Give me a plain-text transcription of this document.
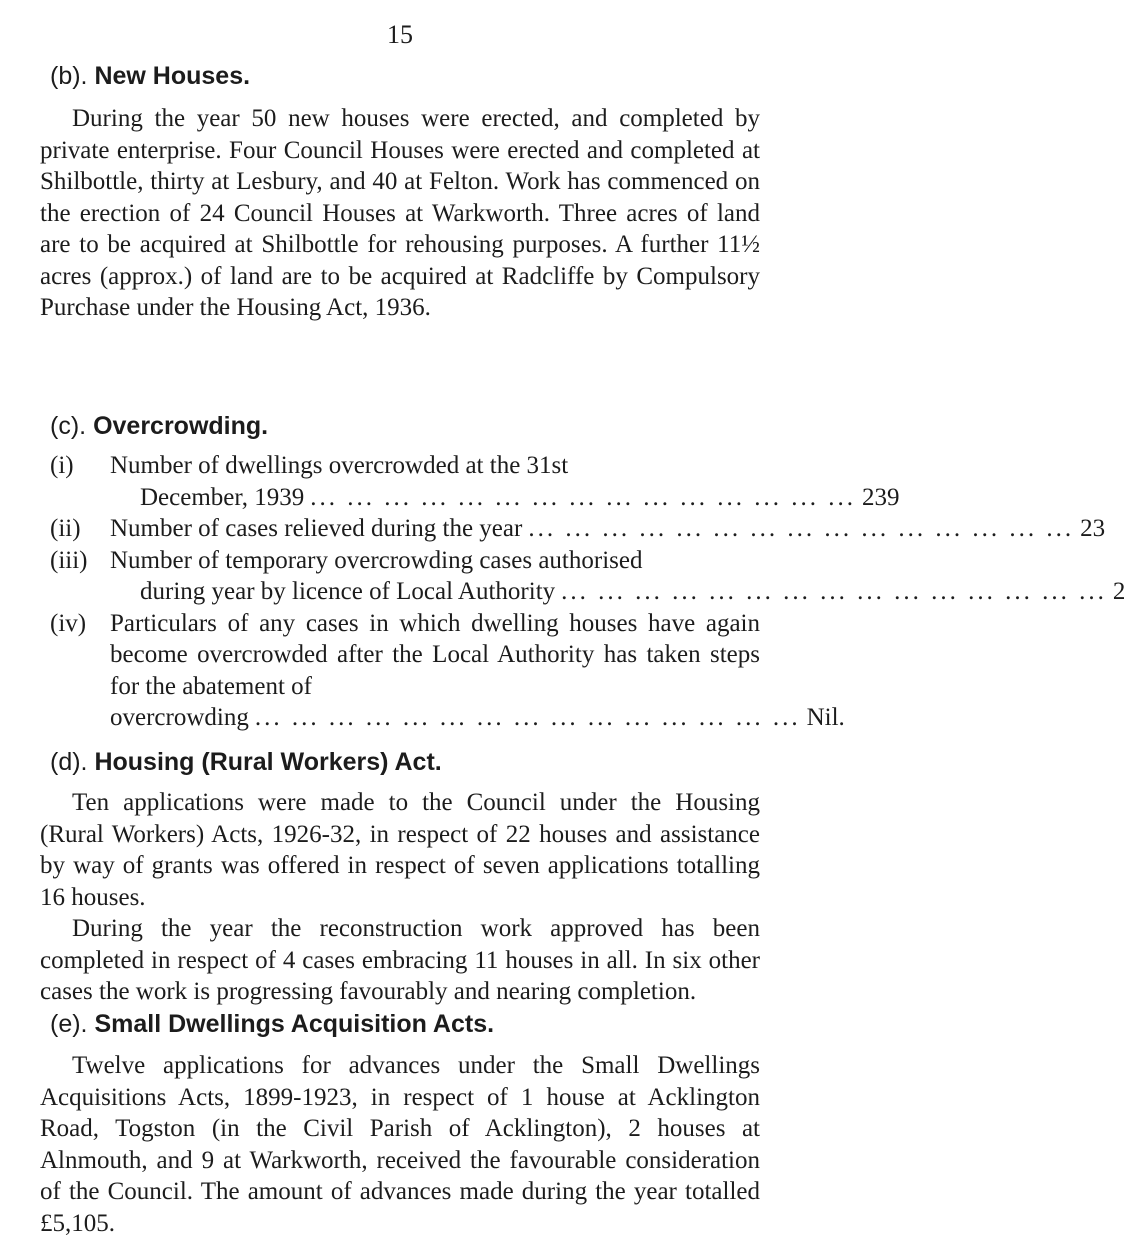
15
(b). New Houses.

During the year 50 new houses were erected, and completed by private enterprise. Four Council Houses were erected and completed at Shilbottle, thirty at Lesbury, and 40 at Felton. Work has commenced on the erection of 24 Council Houses at Warkworth. Three acres of land are to be acquired at Shilbottle for rehousing purposes. A further 11½ acres (approx.) of land are to be acquired at Radcliffe by Compulsory Purchase under the Housing Act, 1936.

(c). Overcrowding.
(i) Number of dwellings overcrowded at the 31st
December, 1939 ... ... ... ... ... ... ... ... ... ... ... ... ... ... ... 239
(ii) Number of cases relieved during the year ... ... ... ... ... ... ... ... ... ... ... ... ... ... ... 23
(iii) Number of temporary overcrowding cases authorised
during year by licence of Local Authority ... ... ... ... ... ... ... ... ... ... ... ... ... ... ... 2
(iv) Particulars of any cases in which dwelling houses have again become overcrowded after the Local Authority has taken steps for the abatement of
overcrowding ... ... ... ... ... ... ... ... ... ... ... ... ... ... ... Nil.
(d). Housing (Rural Workers) Act.

Ten applications were made to the Council under the Housing (Rural Workers) Acts, 1926-32, in respect of 22 houses and assistance by way of grants was offered in respect of seven applications totalling 16 houses.

During the year the reconstruction work approved has been completed in respect of 4 cases embracing 11 houses in all. In six other cases the work is progressing favourably and nearing completion.

(e). Small Dwellings Acquisition Acts.

Twelve applications for advances under the Small Dwellings Acquisitions Acts, 1899-1923, in respect of 1 house at Acklington Road, Togston (in the Civil Parish of Acklington), 2 houses at Alnmouth, and 9 at Warkworth, received the favourable consideration of the Council. The amount of advances made during the year totalled £5,105.
